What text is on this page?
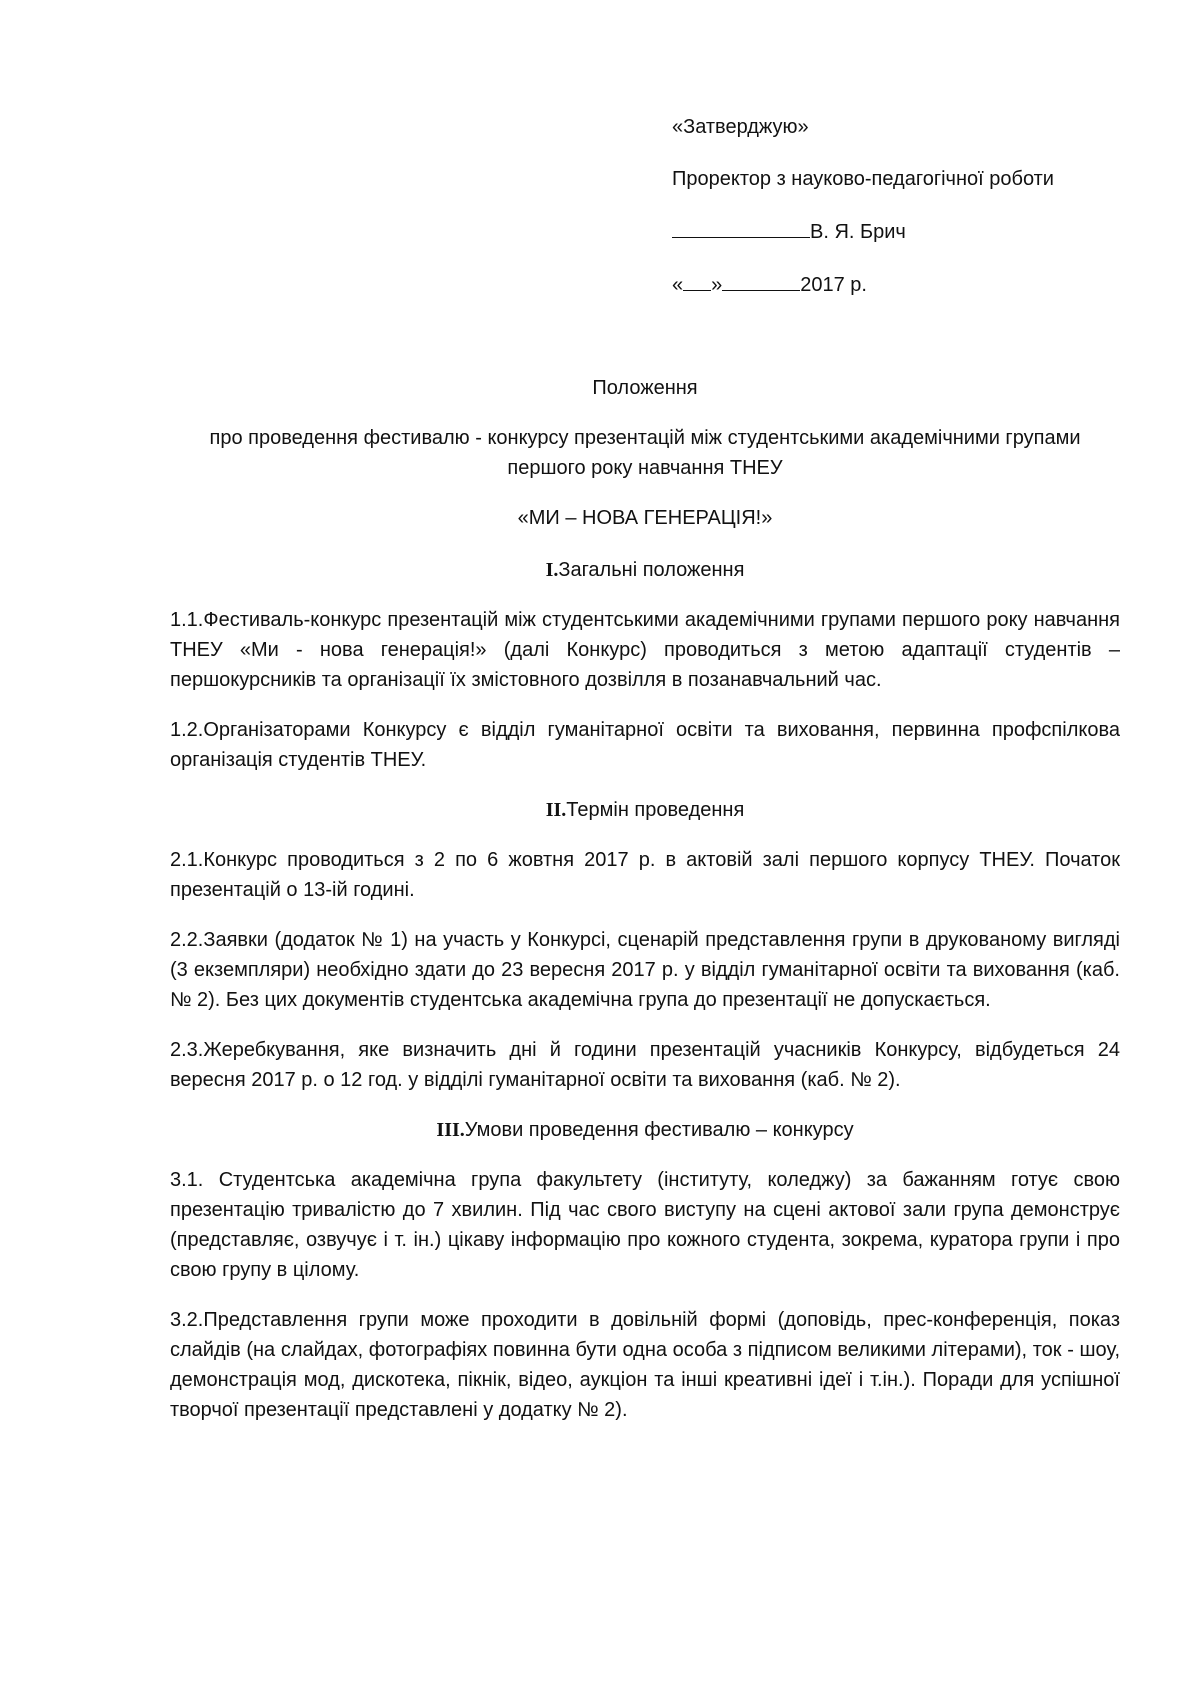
«Затверджую»

Проректор з науково-педагогічної роботи

В. Я. Брич

« »	2017 р.

Положення

про проведення фестивалю - конкурсу презентацій між студентськими академічними групами першого року навчання ТНЕУ

«МИ – НОВА ГЕНЕРАЦІЯ!»

I.Загальні положення

1.1.Фестиваль-конкурс презентацій між студентськими академічними групами першого року навчання ТНЕУ «Ми - нова генерація!» (далі Конкурс) проводиться з метою адаптації студентів – першокурсників та організації їх змістовного дозвілля в позанавчальний час.

1.2.Організаторами Конкурсу є відділ гуманітарної освіти та виховання, первинна профспілкова організація студентів ТНЕУ.

II.Термін проведення

2.1.Конкурс проводиться з 2 по 6 жовтня 2017 р. в актовій залі першого корпусу ТНЕУ. Початок презентацій о 13-ій годині.

2.2.Заявки (додаток № 1) на участь у Конкурсі, сценарій представлення групи в друкованому вигляді (3 екземпляри) необхідно здати до 23 вересня 2017 р. у відділ гуманітарної освіти та виховання (каб. № 2). Без цих документів студентська академічна група до презентації не допускається.

2.3.Жеребкування, яке визначить дні й години презентацій учасників Конкурсу, відбудеться 24 вересня 2017 р. о 12 год. у відділі гуманітарної освіти та виховання (каб. № 2).

III.Умови проведення фестивалю – конкурсу

3.1. Студентська академічна група факультету (інституту, коледжу) за бажанням готує свою презентацію тривалістю до 7 хвилин. Під час свого виступу на сцені актової зали група демонструє (представляє, озвучує і т. ін.) цікаву інформацію про кожного студента, зокрема, куратора групи і про свою групу в цілому.

3.2.Представлення групи може проходити в довільній формі (доповідь, прес-конференція, показ слайдів (на слайдах, фотографіях повинна бути одна особа з підписом великими літерами), ток - шоу, демонстрація мод, дискотека, пікнік, відео, аукціон та інші креативні ідеї і т.ін.). Поради для успішної творчої презентації представлені у додатку № 2).
